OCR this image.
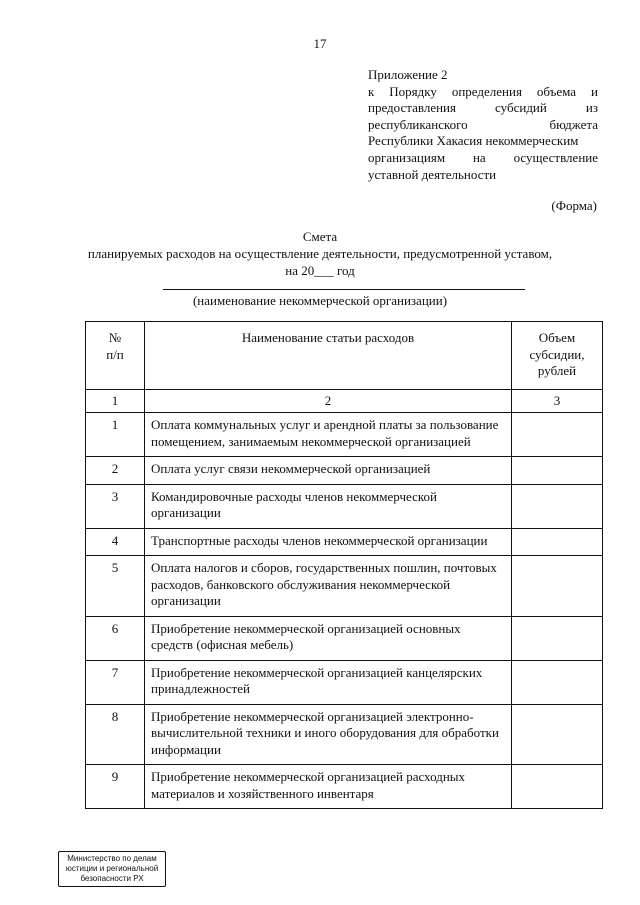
17
Приложение 2
к Порядку определения объема и
предоставления субсидий из
республиканского	бюджета
Республики Хакасия некоммерческим
организациям на осуществление
уставной деятельности
(Форма)
Смета
планируемых расходов на осуществление деятельности, предусмотренной уставом,
на 20___ год
(наименование некоммерческой организации)
№
п/п	Наименование статьи расходов	Объем
субсидии,
рублей
1	2	3
1	Оплата коммунальных услуг и арендной платы за пользование помещением, занимаемым некоммерческой организацией	
2	Оплата услуг связи некоммерческой организацией	
3	Командировочные расходы членов некоммерческой организации	
4	Транспортные расходы членов некоммерческой организации	
5	Оплата налогов и сборов, государственных пошлин, почтовых расходов, банковского обслуживания некоммерческой организации	
6	Приобретение некоммерческой организацией основных средств (офисная мебель)	
7	Приобретение некоммерческой организацией канцелярских принадлежностей	
8	Приобретение некоммерческой организацией электронно-вычислительной техники и иного оборудования для обработки информации	
9	Приобретение некоммерческой организацией расходных материалов и хозяйственного инвентаря	
Министерство по делам
юстиции и региональной
безопасности РХ
